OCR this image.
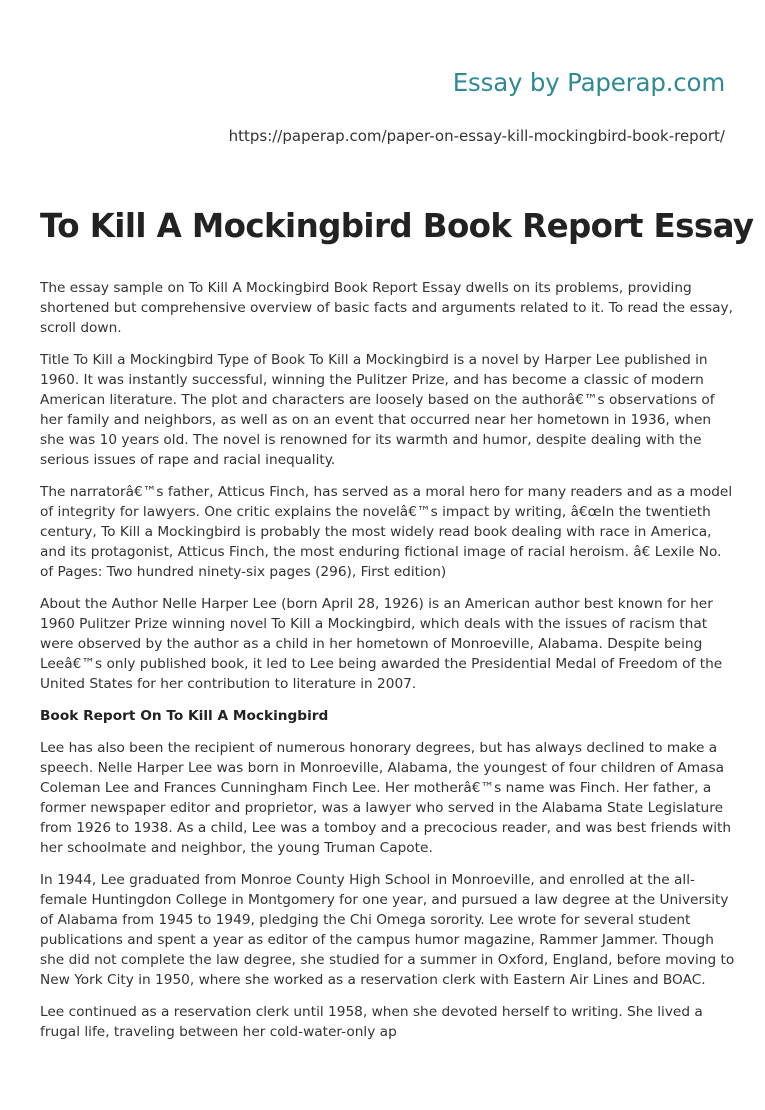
Essay by Paperap.com
https://paperap.com/paper-on-essay-kill-mockingbird-book-report/
To Kill A Mockingbird Book Report Essay

The essay sample on To Kill A Mockingbird Book Report Essay dwells on its problems, providing shortened but comprehensive overview of basic facts and arguments related to it. To read the essay, scroll down.

Title To Kill a Mockingbird Type of Book To Kill a Mockingbird is a novel by Harper Lee published in 1960. It was instantly successful, winning the Pulitzer Prize, and has become a classic of modern American literature. The plot and characters are loosely based on the authorâ€™s observations of her family and neighbors, as well as on an event that occurred near her hometown in 1936, when she was 10 years old. The novel is renowned for its warmth and humor, despite dealing with the serious issues of rape and racial inequality.

The narratorâ€™s father, Atticus Finch, has served as a moral hero for many readers and as a model of integrity for lawyers. One critic explains the novelâ€™s impact by writing, â€œIn the twentieth century, To Kill a Mockingbird is probably the most widely read book dealing with race in America, and its protagonist, Atticus Finch, the most enduring fictional image of racial heroism. â€ Lexile No. of Pages: Two hundred ninety-six pages (296), First edition)

About the Author Nelle Harper Lee (born April 28, 1926) is an American author best known for her 1960 Pulitzer Prize winning novel To Kill a Mockingbird, which deals with the issues of racism that were observed by the author as a child in her hometown of Monroeville, Alabama. Despite being Leeâ€™s only published book, it led to Lee being awarded the Presidential Medal of Freedom of the United States for her contribution to literature in 2007.

Book Report On To Kill A Mockingbird

Lee has also been the recipient of numerous honorary degrees, but has always declined to make a speech. Nelle Harper Lee was born in Monroeville, Alabama, the youngest of four children of Amasa Coleman Lee and Frances Cunningham Finch Lee. Her motherâ€™s name was Finch. Her father, a former newspaper editor and proprietor, was a lawyer who served in the Alabama State Legislature from 1926 to 1938. As a child, Lee was a tomboy and a precocious reader, and was best friends with her schoolmate and neighbor, the young Truman Capote.

In 1944, Lee graduated from Monroe County High School in Monroeville, and enrolled at the all-female Huntingdon College in Montgomery for one year, and pursued a law degree at the University of Alabama from 1945 to 1949, pledging the Chi Omega sorority. Lee wrote for several student publications and spent a year as editor of the campus humor magazine, Rammer Jammer. Though she did not complete the law degree, she studied for a summer in Oxford, England, before moving to New York City in 1950, where she worked as a reservation clerk with Eastern Air Lines and BOAC.

Lee continued as a reservation clerk until 1958, when she devoted herself to writing. She lived a frugal life, traveling between her cold-water-only ap
